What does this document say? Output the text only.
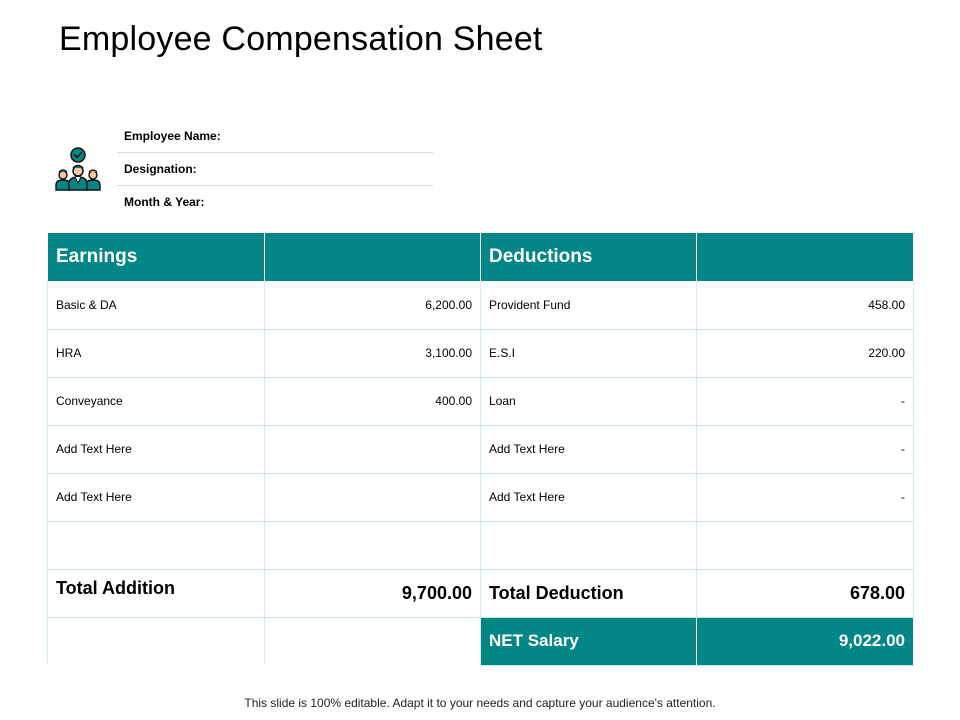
Employee Compensation Sheet
Employee Name:
Designation:
Month & Year:
Earnings		Deductions	
Basic & DA	6,200.00	Provident Fund	458.00
HRA	3,100.00	E.S.I	220.00
Conveyance	400.00	Loan	-
Add Text Here		Add Text Here	-
Add Text Here		Add Text Here	-

Total Addition	9,700.00	Total Deduction	678.00
		NET Salary	9,022.00
This slide is 100% editable. Adapt it to your needs and capture your audience's attention.
